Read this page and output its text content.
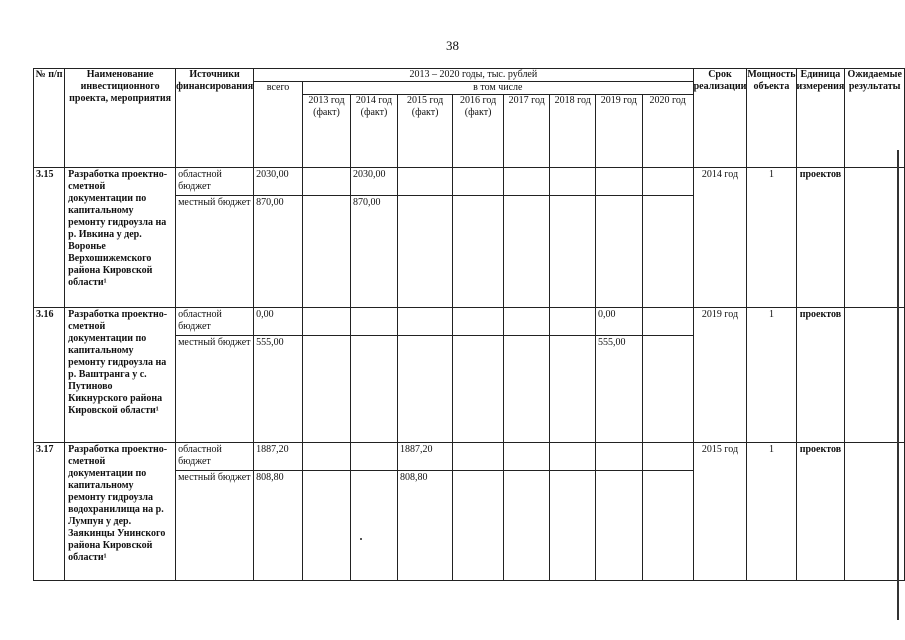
38
№ п/п	Наименование инвестиционного проекта, мероприятия	Источники финансирования	2013 – 2020 годы, тыс. рублей									Срок реализации	Мощность объекта	Единица измерения	Ожидаемые результаты
			всего	в том числе											
				2013 год (факт)	2014 год (факт)	2015 год (факт)	2016 год (факт)	2017 год	2018 год	2019 год	2020 год				
3.15	Разработка проектно-сметной документации по капитальному ремонту гидроузла на р. Ивкина у дер. Воронье Верхошижемского района Кировской области¹	областной бюджет	2030,00		2030,00							2014 год	1	проектов	
		местный бюджет	870,00		870,00										
3.16	Разработка проектно-сметной документации по капитальному ремонту гидроузла на р. Ваштранга у с. Путиново Кикнурского района Кировской области¹	областной бюджет	0,00							0,00		2019 год	1	проектов	
		местный бюджет	555,00							555,00					
3.17	Разработка проектно-сметной документации по капитальному ремонту гидроузла водохранилища на р. Лумпун у дер. Заякинцы Унинского района Кировской области¹	областной бюджет	1887,20			1887,20						2015 год	1	проектов	
		местный бюджет	808,80			808,80									
